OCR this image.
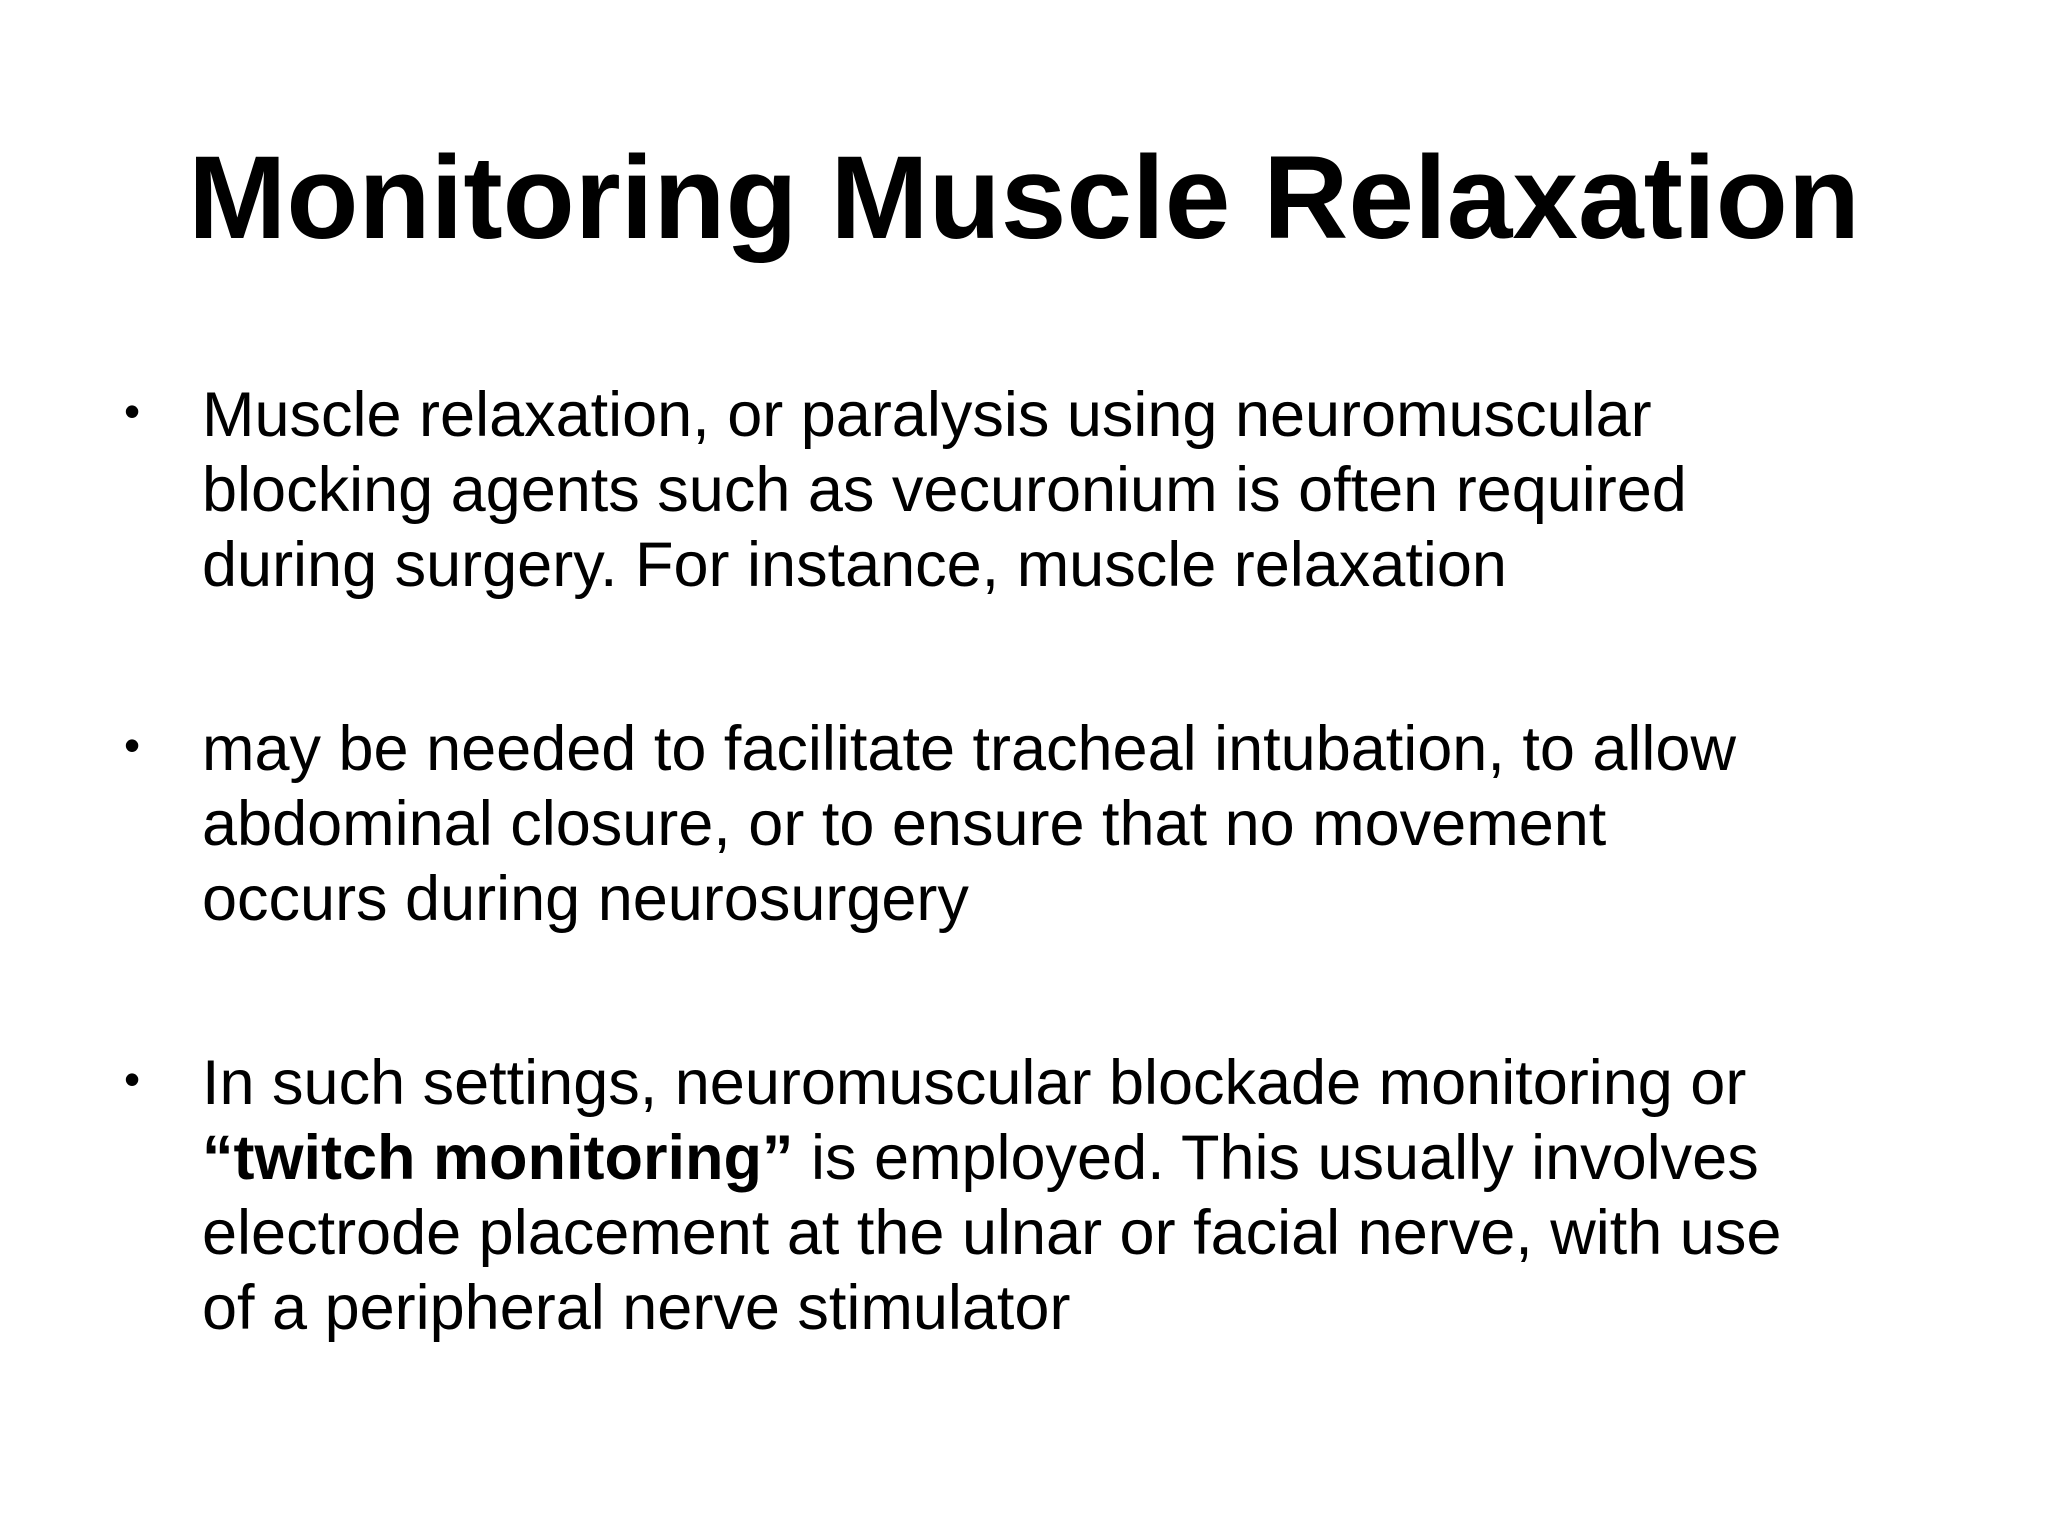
Monitoring Muscle Relaxation
• Muscle relaxation, or paralysis using neuromuscular
blocking agents such as vecuronium is often required
during surgery. For instance, muscle relaxation
• may be needed to facilitate tracheal intubation, to allow
abdominal closure, or to ensure that no movement
occurs during neurosurgery
• In such settings, neuromuscular blockade monitoring or
“twitch monitoring” is employed. This usually involves
electrode placement at the ulnar or facial nerve, with use
of a peripheral nerve stimulator
